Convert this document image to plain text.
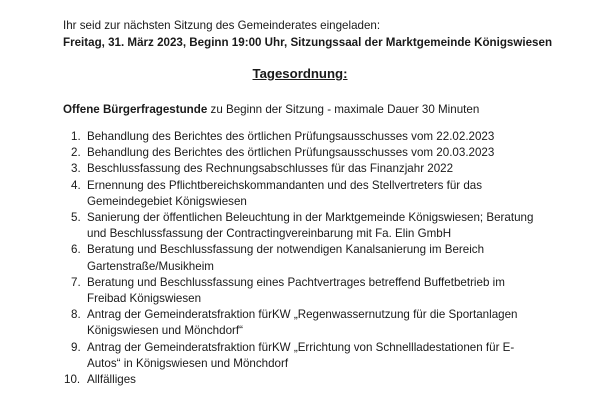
Ihr seid zur nächsten Sitzung des Gemeinderates eingeladen:
Freitag, 31. März 2023, Beginn 19:00 Uhr, Sitzungssaal der Marktgemeinde Königswiesen
Tagesordnung:
Offene Bürgerfragestunde zu Beginn der Sitzung - maximale Dauer 30 Minuten
1. Behandlung des Berichtes des örtlichen Prüfungsausschusses vom 22.02.2023
2. Behandlung des Berichtes des örtlichen Prüfungsausschusses vom 20.03.2023
3. Beschlussfassung des Rechnungsabschlusses für das Finanzjahr 2022
4. Ernennung des Pflichtbereichskommandanten und des Stellvertreters für das Gemeindegebiet Königswiesen
5. Sanierung der öffentlichen Beleuchtung in der Marktgemeinde Königswiesen; Beratung und Beschlussfassung der Contractingvereinbarung mit Fa. Elin GmbH
6. Beratung und Beschlussfassung der notwendigen Kanalsanierung im Bereich Gartenstraße/Musikheim
7. Beratung und Beschlussfassung eines Pachtvertrages betreffend Buffetbetrieb im Freibad Königswiesen
8. Antrag der Gemeinderatsfraktion fürKW „Regenwassernutzung für die Sportanlagen Königswiesen und Mönchdorf“
9. Antrag der Gemeinderatsfraktion fürKW „Errichtung von Schnellladestationen für E-Autos“ in Königswiesen und Mönchdorf
10. Allfälliges
